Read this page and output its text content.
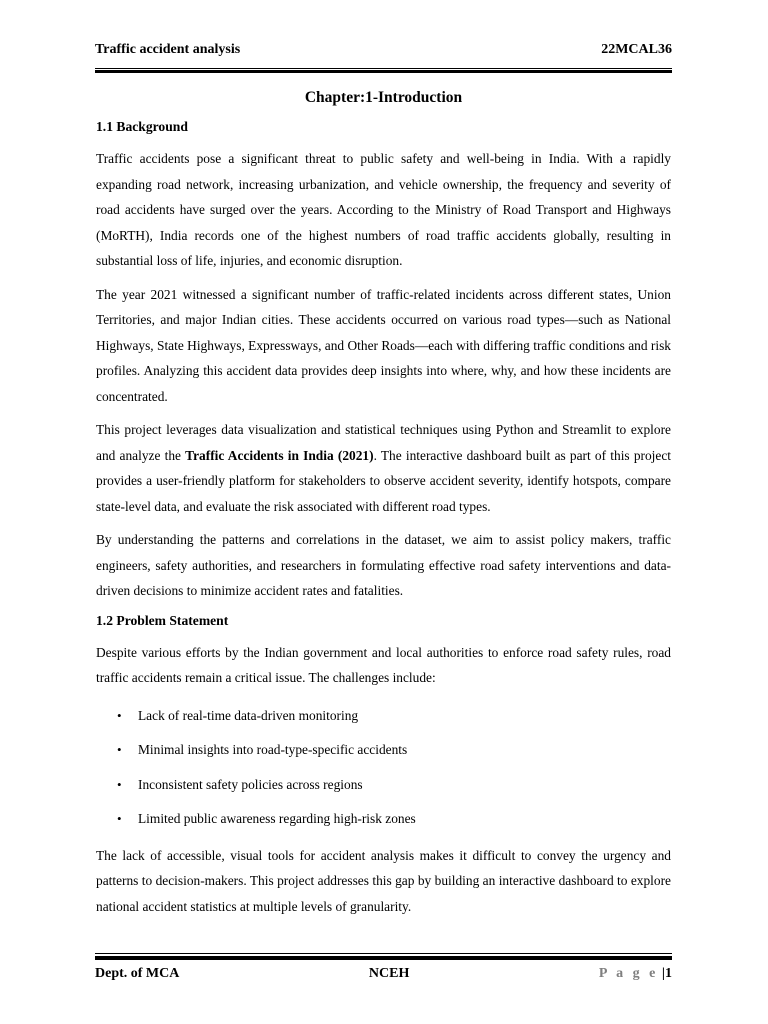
Traffic accident analysis	22MCAL36
Chapter:1-Introduction
1.1 Background

Traffic accidents pose a significant threat to public safety and well-being in India. With a rapidly expanding road network, increasing urbanization, and vehicle ownership, the frequency and severity of road accidents have surged over the years. According to the Ministry of Road Transport and Highways (MoRTH), India records one of the highest numbers of road traffic accidents globally, resulting in substantial loss of life, injuries, and economic disruption.

The year 2021 witnessed a significant number of traffic-related incidents across different states, Union Territories, and major Indian cities. These accidents occurred on various road types—such as National Highways, State Highways, Expressways, and Other Roads—each with differing traffic conditions and risk profiles. Analyzing this accident data provides deep insights into where, why, and how these incidents are concentrated.

This project leverages data visualization and statistical techniques using Python and Streamlit to explore and analyze the Traffic Accidents in India (2021). The interactive dashboard built as part of this project provides a user-friendly platform for stakeholders to observe accident severity, identify hotspots, compare state-level data, and evaluate the risk associated with different road types.

By understanding the patterns and correlations in the dataset, we aim to assist policy makers, traffic engineers, safety authorities, and researchers in formulating effective road safety interventions and data-driven decisions to minimize accident rates and fatalities.

1.2 Problem Statement

Despite various efforts by the Indian government and local authorities to enforce road safety rules, road traffic accidents remain a critical issue. The challenges include:

• Lack of real-time data-driven monitoring
• Minimal insights into road-type-specific accidents
• Inconsistent safety policies across regions
• Limited public awareness regarding high-risk zones

The lack of accessible, visual tools for accident analysis makes it difficult to convey the urgency and patterns to decision-makers. This project addresses this gap by building an interactive dashboard to explore national accident statistics at multiple levels of granularity.

Dept. of MCA	NCEH	P a g e |1
